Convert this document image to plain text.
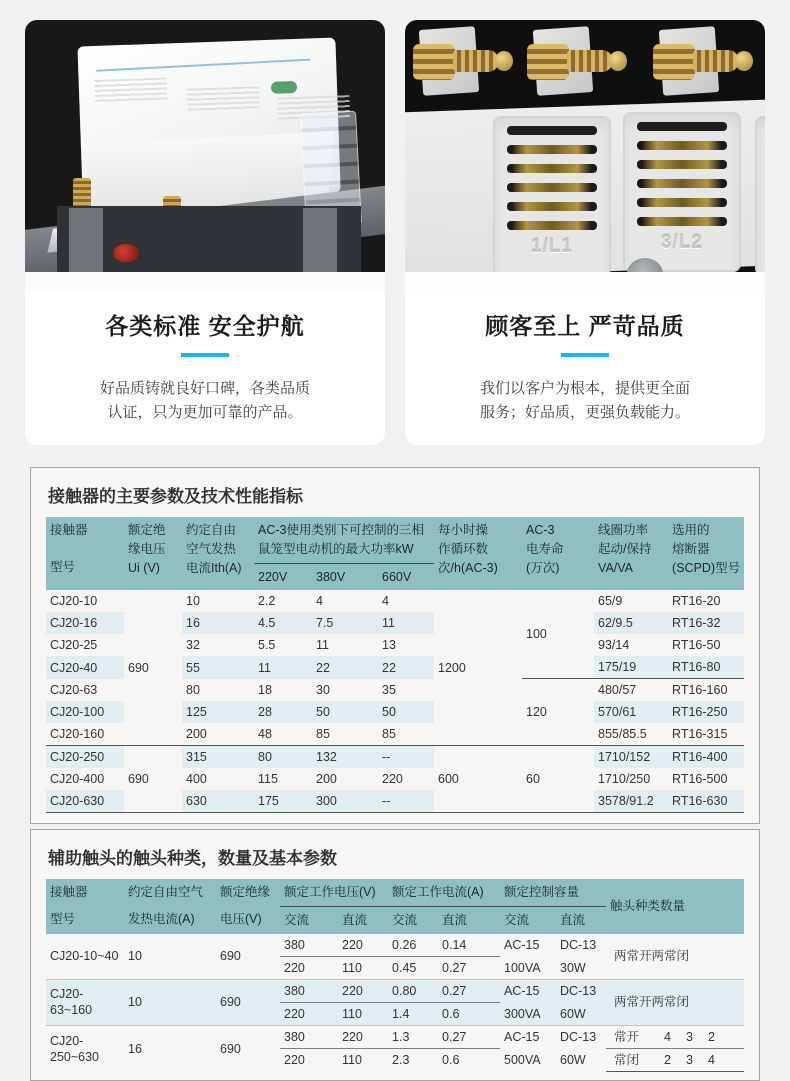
各类标准 安全护航
好品质铸就良好口碑，各类品质
认证，只为更加可靠的产品。
1/L1	3/L2
顾客至上 严苛品质
我们以客户为根本，提供更全面
服务；好品质，更强负载能力。
接触器的主要参数及技术性能指标
接触器
型号

额定绝
缘电压
Ui (V)

约定自由
空气发热
电流Ith(A)

AC-3使用类别下可控制的三相
鼠笼型电动机的最大功率kW

每小时操
作循环数
次/h(AC-3)

AC-3
电寿命
(万次)

线圈功率
起动/保持
VA/VA

选用的
熔断器
(SCPD)型号

			220V	380V	660V				
CJ20-10	690	10	2.2	4	4	1200	100	65/9	RT16-20
CJ20-16		16	4.5	7.5	11			62/9.5	RT16-32
CJ20-25		32	5.5	11	13			93/14	RT16-50
CJ20-40		55	11	22	22			175/19	RT16-80
CJ20-63		80	18	30	35		120	480/57	RT16-160
CJ20-100		125	28	50	50			570/61	RT16-250
CJ20-160		200	48	85	85			855/85.5	RT16-315
CJ20-250	690	315	80	132	--	600	60	1710/152	RT16-400
CJ20-400		400	115	200	220			1710/250	RT16-500
CJ20-630		630	175	300	--			3578/91.2	RT16-630
辅助触头的触头种类，数量及基本参数
接触器
型号

约定自由空气
发热电流(A)

额定绝缘
电压(V)
	额定工作电压(V)	额定工作电流(A)	额定控制容量	触头种类数量
			交流	直流	交流	直流	交流	直流				
CJ20-10~40	10	690	380	220	0.26	0.14	AC-15	DC-13	两常开两常闭			
			220	110	0.45	0.27	100VA	30W				
CJ20-63~160	10	690	380	220	0.80	0.27	AC-15	DC-13	两常开两常闭			
			220	110	1.4	0.6	300VA	60W				
CJ20-250~630	16	690	380	220	1.3	0.27	AC-15	DC-13	常开	4	3	2
			220	110	2.3	0.6	500VA	60W	常闭	2	3	4
